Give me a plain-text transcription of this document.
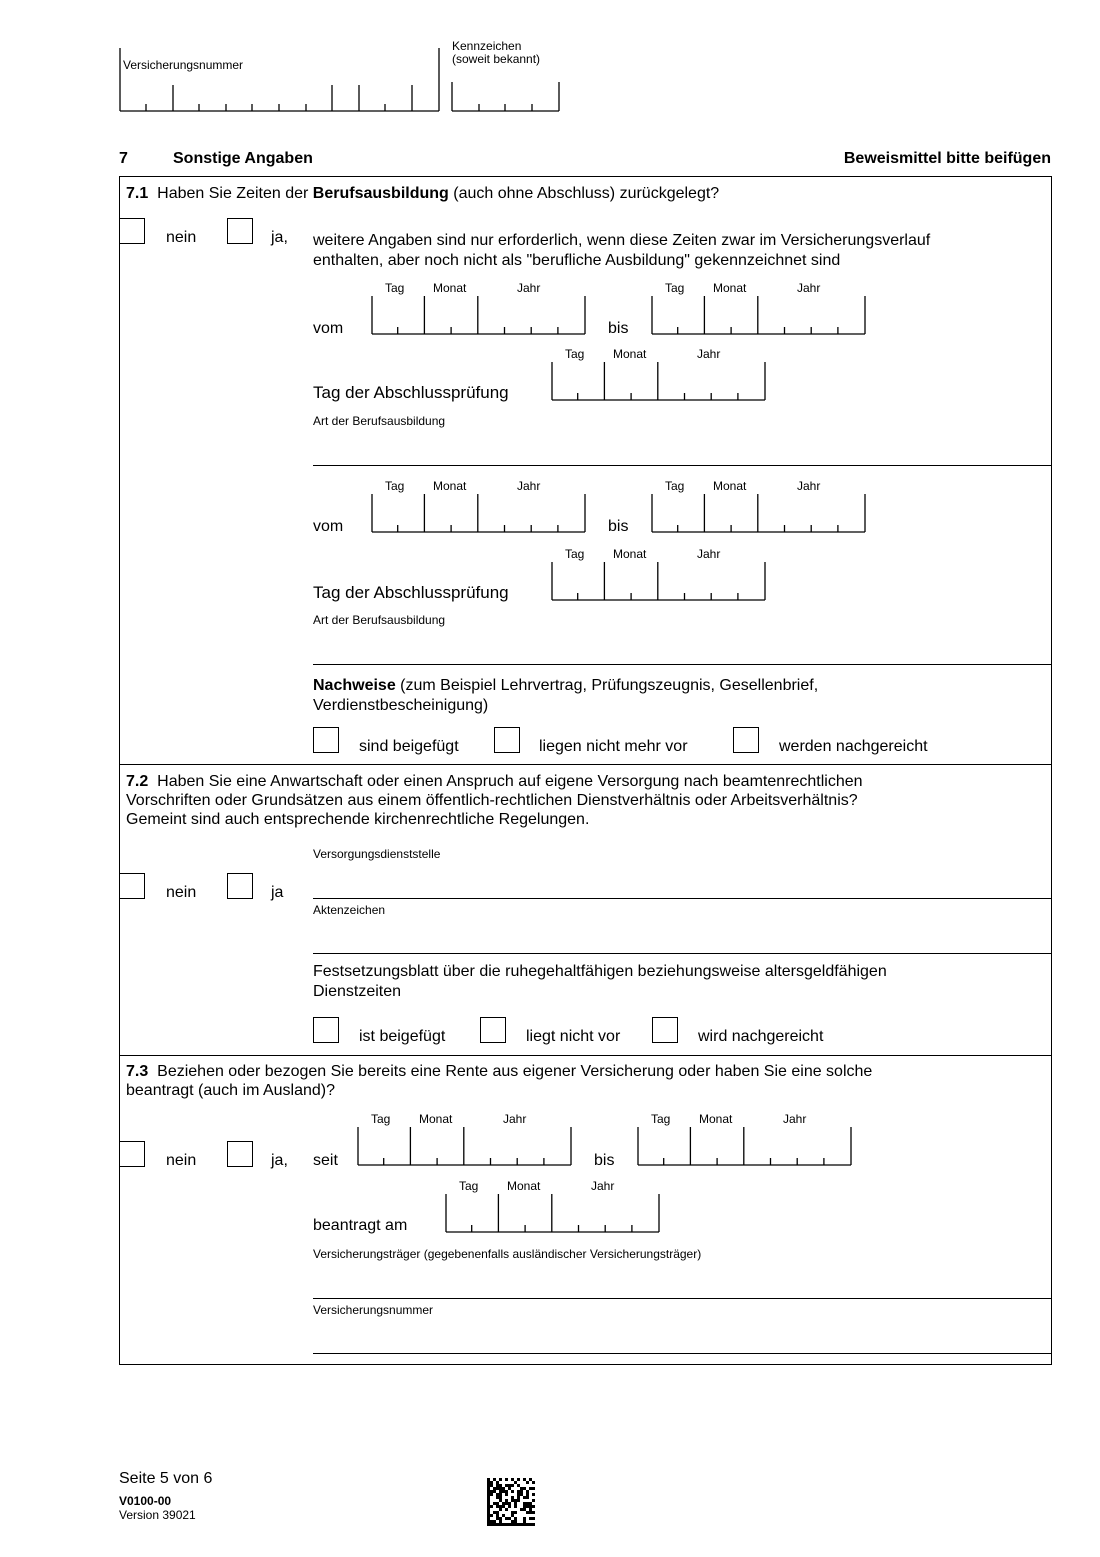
Versicherungsnummer
Kennzeichen
(soweit bekannt)
7	Sonstige Angaben	Beweismittel bitte beifügen
7.1 Haben Sie Zeiten der Berufsausbildung (auch ohne Abschluss) zurückgelegt?
nein	ja, weitere Angaben sind nur erforderlich, wenn diese Zeiten zwar im Versicherungsverlauf
enthalten, aber noch nicht als "berufliche Ausbildung" gekennzeichnet sind
Tag Monat	Jahr	Tag Monat	Jahr
Tag Monat	Jahr
Tag Monat	Jahr	Tag Monat	Jahr
Tag Monat	Jahr
Tag Monat	Jahr	Tag Monat	Jahr
Tag Monat	Jahr
vom	bis
Tag der Abschlussprüfung
Art der Berufsausbildung
vom	bis
Tag der Abschlussprüfung
Art der Berufsausbildung
Nachweise (zum Beispiel Lehrvertrag, Prüfungszeugnis, Gesellenbrief,
Verdienstbescheinigung)
sind beigefügt	liegen nicht mehr vor	werden nachgereicht
7.2 Haben Sie eine Anwartschaft oder einen Anspruch auf eigene Versorgung nach beamtenrechtlichen
Vorschriften oder Grundsätzen aus einem öffentlich-rechtlichen Dienstverhältnis oder Arbeitsverhältnis?
Gemeint sind auch entsprechende kirchenrechtliche Regelungen.
Versorgungsdienststelle
nein	ja
Aktenzeichen
Festsetzungsblatt über die ruhegehaltfähigen beziehungsweise altersgeldfähigen
Dienstzeiten
ist beigefügt	liegt nicht vor	wird nachgereicht
7.3 Beziehen oder bezogen Sie bereits eine Rente aus eigener Versicherung oder haben Sie eine solche
beantragt (auch im Ausland)?
nein	ja, seit	bis
beantragt am
Versicherungsträger (gegebenenfalls ausländischer Versicherungsträger)
Versicherungsnummer
Seite 5 von 6
V0100-00
Version 39021
